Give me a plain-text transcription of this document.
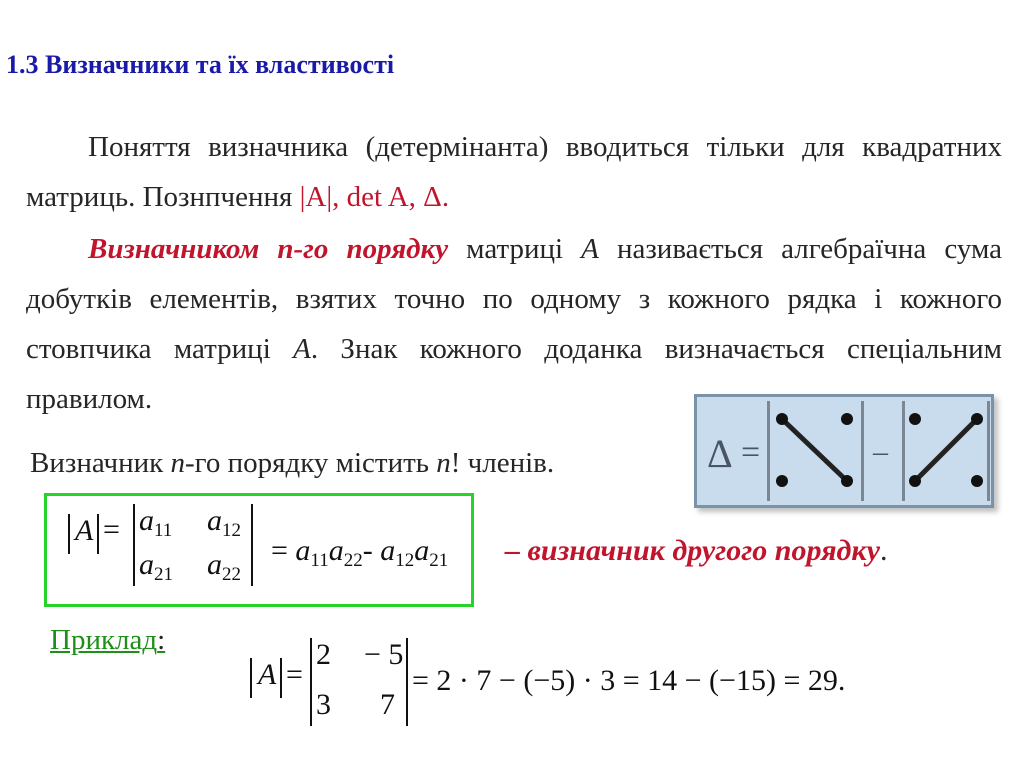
1.3 Визначники та їх властивості
Поняття визначника (детермінанта) вводиться тільки для квадратних матриць. Познпчення |A|, det A, Δ.
Визначником n-го порядку матриці A називається алгебраїчна сума добутків елементів, взятих точно по одному з кожного рядка і кожного стовпчика матриці A. Знак кожного доданка визначається спеціальним правилом.
Визначник n-го порядку містить n! членів.	Δ =	–
$A = a_{11}$ $a_{12}$
$a_{21}$ $a_{22}$
= $a_{11}a_{22}-$ $a_{12}a_{21}$ – визначник другого порядку.
Приклад:
A =
2 − 5
3 7
= 2 · 7 − (−5) · 3 = 14 − (−15) = 29.
